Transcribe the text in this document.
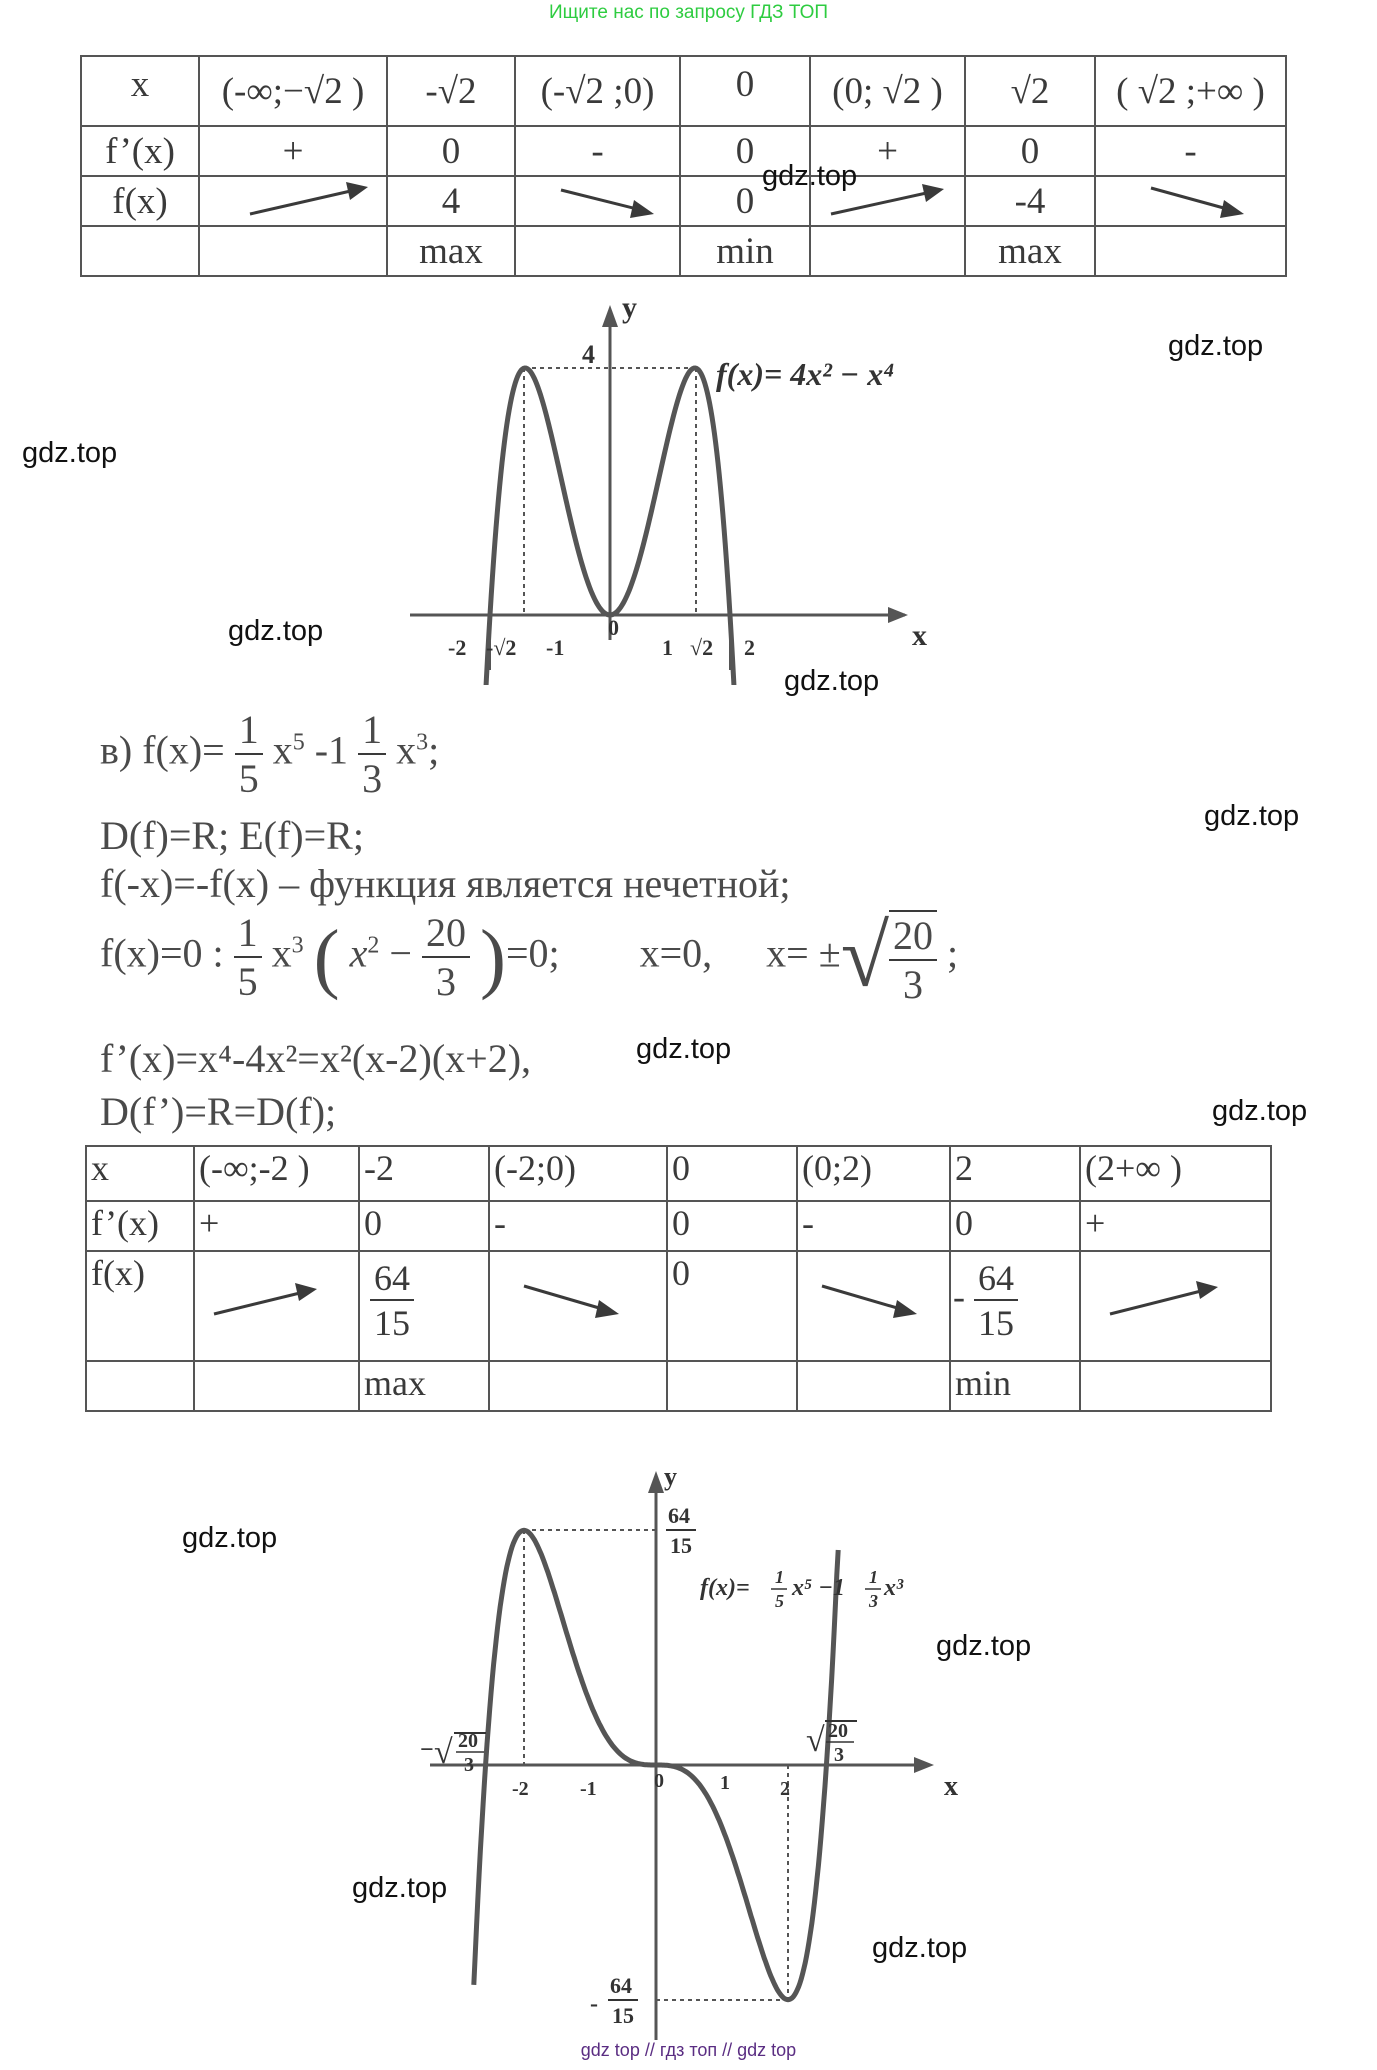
Ищите нас по запросу ГДЗ ТОП
x	(-∞;−√2 )	-√2	(-√2 ;0)	0	(0; √2 )	√2	( √2 ;+∞ )
f’(x)	+	0	-	0	+	0	-
f(x)		4		0		-4	

		max		min		max	
y
x
4
f(x)= 4x² − x⁴
-2 -√2 -1
0
1 √2 2
в) $f(x)= \frac{1}{5} x^5$ $-1 \frac{1}{3} x^3$;
D(f)=R; E(f)=R;
f(-x)=-f(x) – функция является нечетной;
f(x)=0 : $\frac{1}{5} x^3$ ( $x^2 - \frac{20}{3} )=0$; x=0, x= ±√ $\frac{20}{3}$ ;
f’(x)=x⁴-4x²=x²(x-2)(x+2),
D(f’)=R=D(f);
x	(-∞;-2 )	-2	(-2;0)	0	(0;2)	2	(2+∞ )
f’(x)	+	0	-	0	-	0	+
f(x)		$\frac{64}{15}$		0		- $\frac{64}{15}$

		max				min	
y
x
64
15
-
64
15
f(x)= 1
5 x⁵ −1 1
3 x³
− √ 20
3
√ 20
3
-2	-1	0	1	2
gdz.top
gdz.top
gdz.top
gdz.top
gdz.top
gdz.top
gdz.top
gdz.top
gdz.top
gdz.top
gdz.top
gdz.top
gdz top // гдз топ // gdz top
